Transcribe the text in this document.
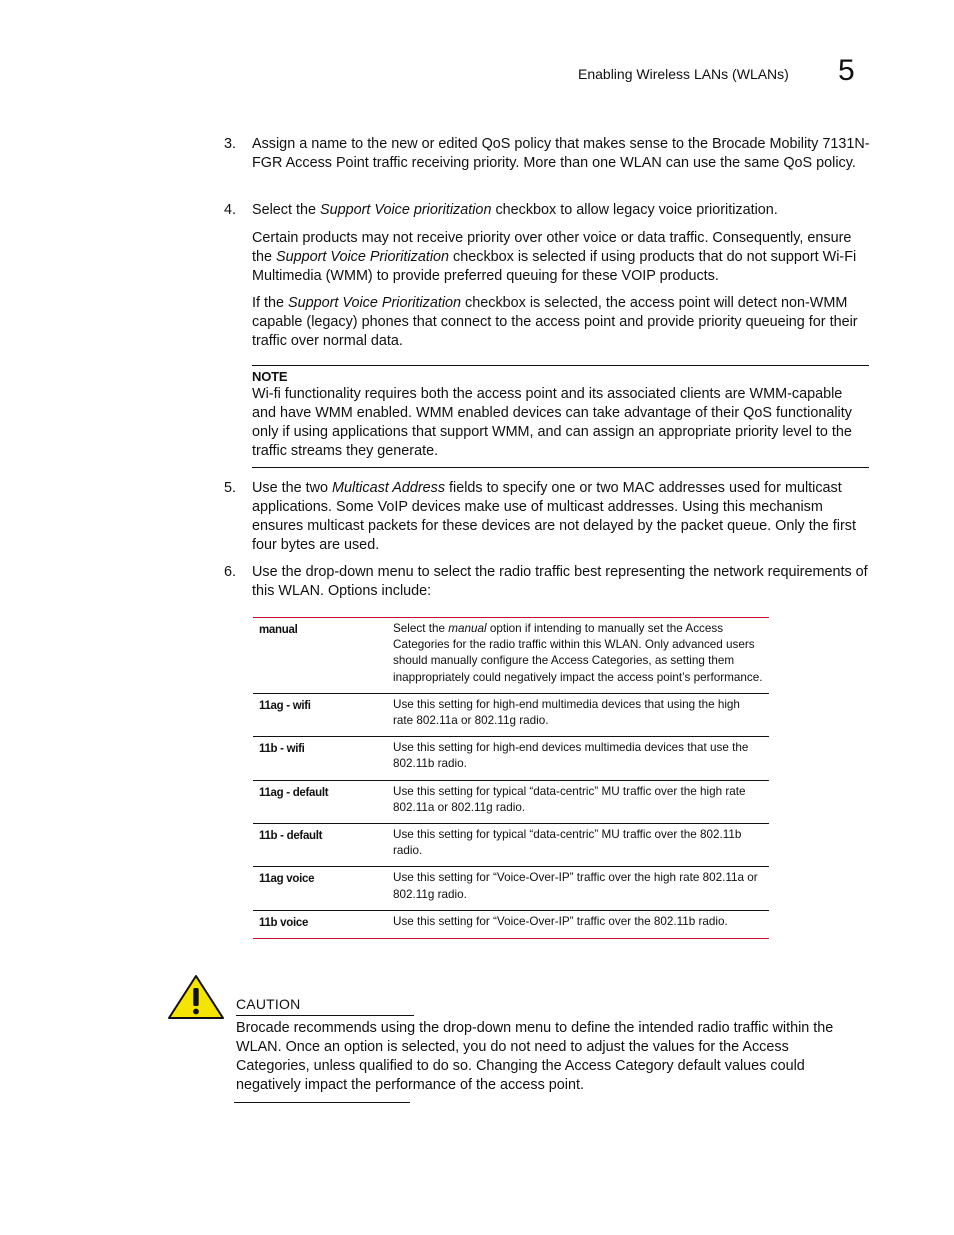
Enabling Wireless LANs (WLANs) 5
3. Assign a name to the new or edited QoS policy that makes sense to the Brocade Mobility 7131N-FGR Access Point traffic receiving priority. More than one WLAN can use the same QoS policy.
4. Select the Support Voice prioritization checkbox to allow legacy voice prioritization.
Certain products may not receive priority over other voice or data traffic. Consequently, ensure the Support Voice Prioritization checkbox is selected if using products that do not support Wi-Fi Multimedia (WMM) to provide preferred queuing for these VOIP products.
If the Support Voice Prioritization checkbox is selected, the access point will detect non-WMM capable (legacy) phones that connect to the access point and provide priority queueing for their traffic over normal data.
NOTE
Wi-fi functionality requires both the access point and its associated clients are WMM-capable and have WMM enabled. WMM enabled devices can take advantage of their QoS functionality only if using applications that support WMM, and can assign an appropriate priority level to the traffic streams they generate.
5. Use the two Multicast Address fields to specify one or two MAC addresses used for multicast applications. Some VoIP devices make use of multicast addresses. Using this mechanism ensures multicast packets for these devices are not delayed by the packet queue. Only the first four bytes are used.
6. Use the drop-down menu to select the radio traffic best representing the network requirements of this WLAN. Options include:
manual	Select the manual option if intending to manually set the Access Categories for the radio traffic within this WLAN. Only advanced users should manually configure the Access Categories, as setting them inappropriately could negatively impact the access point’s performance.
11ag - wifi	Use this setting for high-end multimedia devices that using the high rate 802.11a or 802.11g radio.
11b - wifi	Use this setting for high-end devices multimedia devices that use the 802.11b radio.
11ag - default	Use this setting for typical “data-centric” MU traffic over the high rate 802.11a or 802.11g radio.
11b - default	Use this setting for typical “data-centric” MU traffic over the 802.11b radio.
11ag voice	Use this setting for “Voice-Over-IP” traffic over the high rate 802.11a or 802.11g radio.
11b voice	Use this setting for “Voice-Over-IP” traffic over the 802.11b radio.
CAUTION
Brocade recommends using the drop-down menu to define the intended radio traffic within the WLAN. Once an option is selected, you do not need to adjust the values for the Access Categories, unless qualified to do so. Changing the Access Category default values could negatively impact the performance of the access point.
